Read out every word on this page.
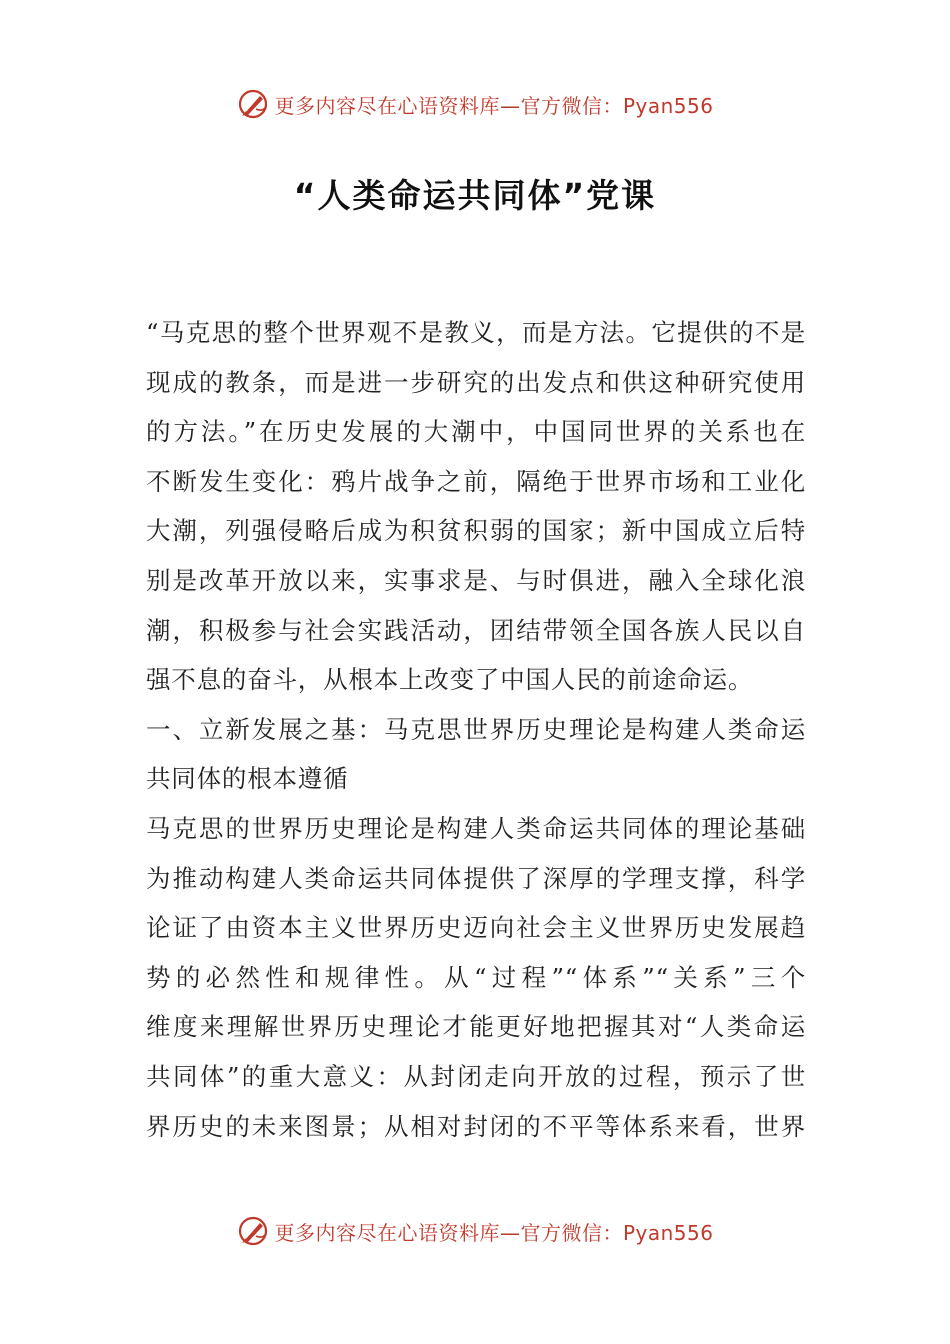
更多内容尽在心语资料库—官方微信：Pyan556
“人类命运共同体”党课
“马克思的整个世界观不是教义，而是方法。它提供的不是
现成的教条，而是进一步研究的出发点和供这种研究使用
的方法。”在历史发展的大潮中，中国同世界的关系也在
不断发生变化：鸦片战争之前，隔绝于世界市场和工业化
大潮，列强侵略后成为积贫积弱的国家；新中国成立后特
别是改革开放以来，实事求是、与时俱进，融入全球化浪
潮，积极参与社会实践活动，团结带领全国各族人民以自
强不息的奋斗，从根本上改变了中国人民的前途命运。
一、立新发展之基：马克思世界历史理论是构建人类命运
共同体的根本遵循
马克思的世界历史理论是构建人类命运共同体的理论基础
为推动构建人类命运共同体提供了深厚的学理支撑，科学
论证了由资本主义世界历史迈向社会主义世界历史发展趋
势的必然性和规律性。从“过程”“体系”“关系”三个
维度来理解世界历史理论才能更好地把握其对“人类命运
共同体”的重大意义：从封闭走向开放的过程，预示了世
界历史的未来图景；从相对封闭的不平等体系来看，世界
更多内容尽在心语资料库—官方微信：Pyan556
